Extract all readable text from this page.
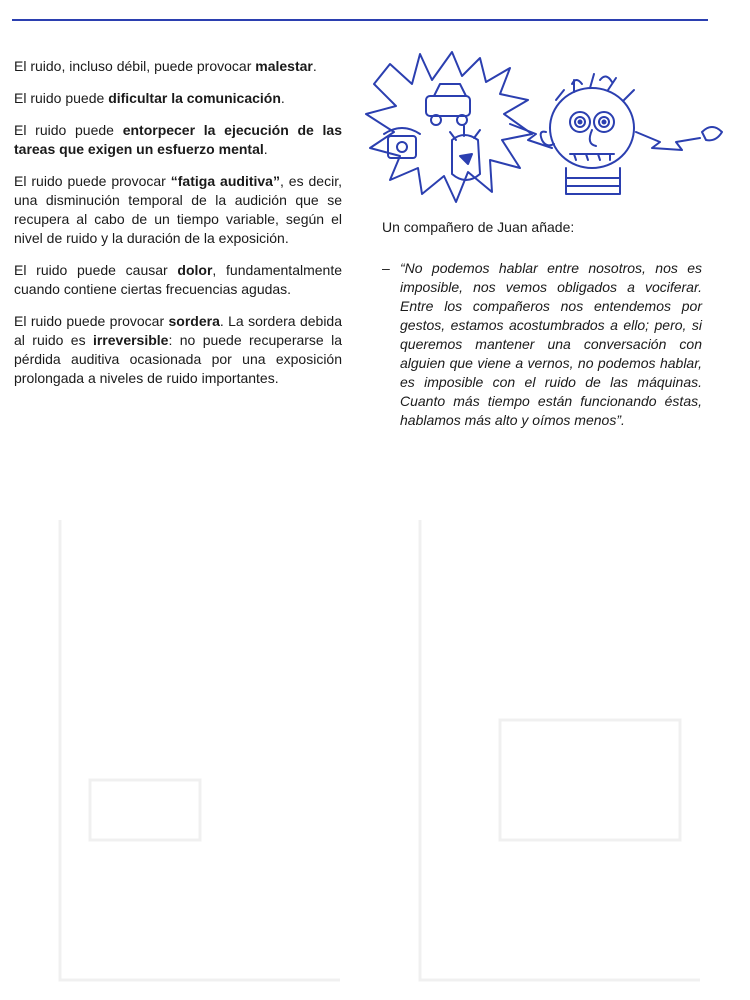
El ruido, incluso débil, puede provocar malestar.

El ruido puede dificultar la comunicación.

El ruido puede entorpecer la ejecución de las tareas que exigen un esfuerzo mental.

El ruido puede provocar “fatiga auditiva”, es decir, una disminución temporal de la audición que se recupera al cabo de un tiempo variable, según el nivel de ruido y la duración de la exposición.

El ruido puede causar dolor, fundamentalmente cuando contiene ciertas frecuencias agudas.

El ruido puede provocar sordera. La sordera debida al ruido es irreversible: no puede recuperarse la pérdida auditiva ocasionada por una exposición prolongada a niveles de ruido importantes.

Un compañero de Juan añade:

– “No podemos hablar entre nosotros, nos es imposible, nos vemos obligados a vociferar. Entre los compañeros nos entendemos por gestos, estamos acostumbrados a ello; pero, si queremos mantener una conversación con alguien que viene a vernos, no podemos hablar, es imposible con el ruido de las máquinas. Cuanto más tiempo están funcionando éstas, hablamos más alto y oímos menos”.
